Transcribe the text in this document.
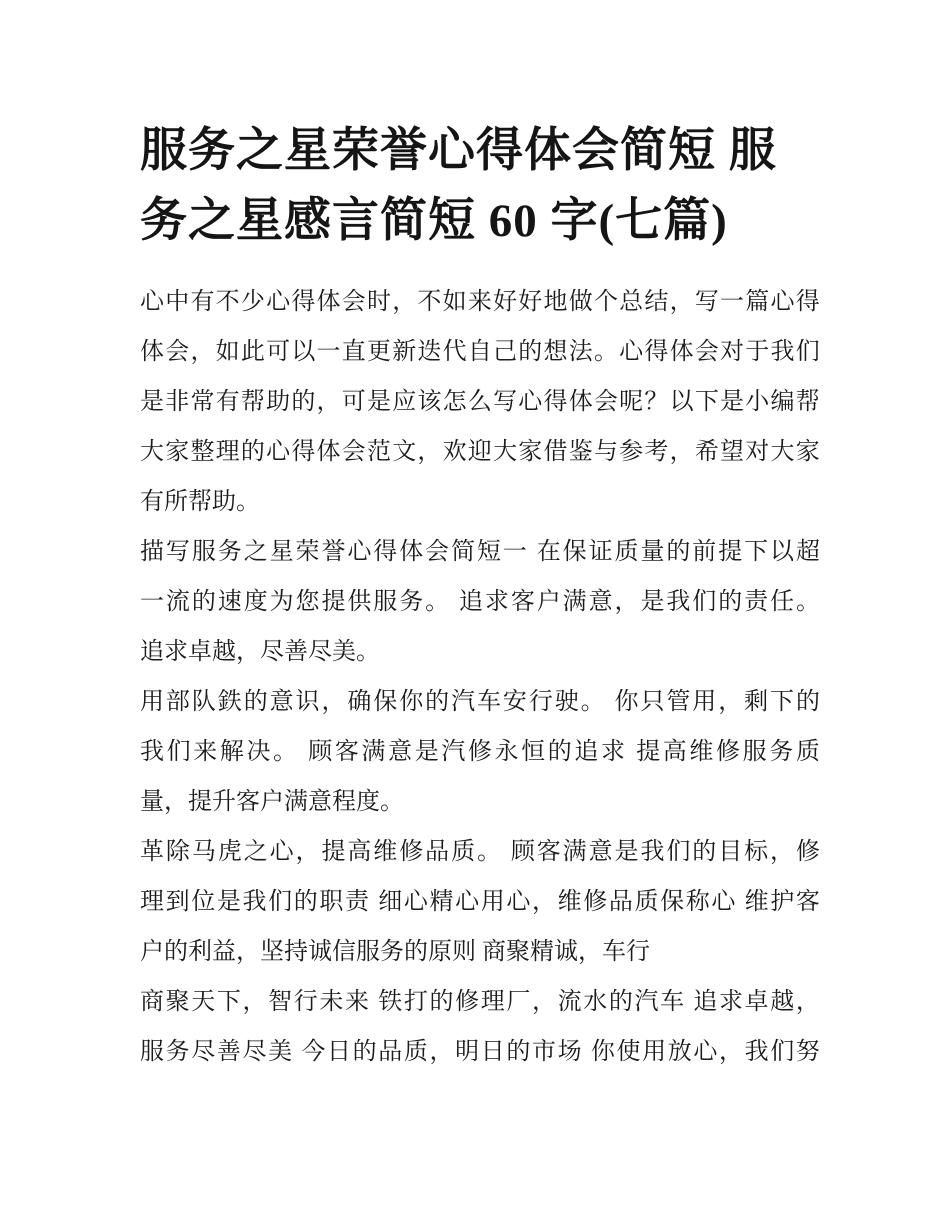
服务之星荣誉心得体会简短 服
务之星感言简短 60 字(七篇)
心 中 有 不 少 心 得 体 会 时 ， 不 如 来 好 好 地 做 个 总 结 ， 写 一 篇 心 得
体 会 ， 如 此 可 以 一 直 更 新 迭 代 自 己 的 想 法 。 心 得 体 会 对 于 我 们
是 非 常 有 帮 助 的 ， 可 是 应 该 怎 么 写 心 得 体 会 呢 ？ 以 下 是 小 编 帮
大 家 整 理 的 心 得 体 会 范 文 ， 欢 迎 大 家 借 鉴 与 参 考 ， 希 望 对 大 家
有所帮助。
描 写 服 务 之 星 荣 誉 心 得 体 会 简 短 一
在 保 证 质 量 的 前 提 下 以 超
一 流 的 速 度 为 您 提 供 服 务 。
追 求 客 户 满 意 ， 是 我 们 的 责 任 。
追求卓越，尽善尽美。
用 部 队 鉄 的 意 识 ， 确 保 你 的 汽 车 安 行 驶 。
你 只 管 用 ， 剩 下 的
我 们 来 解 决 。
顾 客 满 意 是 汽 修 永 恒 的 追 求
提 高 维 修 服 务 质
量，提升客户满意程度。
革 除 马 虎 之 心 ， 提 高 维 修 品 质 。
顾 客 满 意 是 我 们 的 目 标 ， 修
理 到 位 是 我 们 的 职 责
细 心 精 心 用 心 ， 维 修 品 质 保 称 心
维 护 客
户的利益，坚持诚信服务的原则 商聚精诚，车行
商 聚 天 下 ， 智 行 未 来
铁 打 的 修 理 厂 ， 流 水 的 汽 车
追 求 卓 越 ，
服 务 尽 善 尽 美
今 日 的 品 质 ， 明 日 的 市 场
你 使 用 放 心 ， 我 们 努
